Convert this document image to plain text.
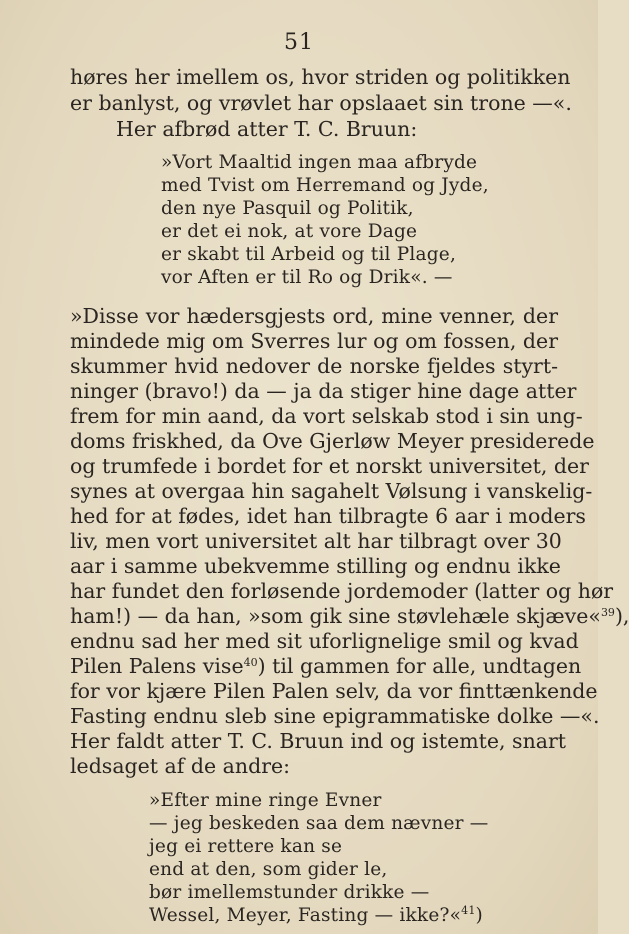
51
høres her imellem os, hvor striden og politikken
er banlyst, og vrøvlet har opslaaet sin trone —«.
Her afbrød atter T. C. Bruun:
»Vort Maaltid ingen maa afbryde
med Tvist om Herremand og Jyde,
den nye Pasquil og Politik,
er det ei nok, at vore Dage
er skabt til Arbeid og til Plage,
vor Aften er til Ro og Drik«. —
»Disse vor hædersgjests ord, mine venner, der
mindede mig om Sverres lur og om fossen, der
skummer hvid nedover de norske fjeldes styrt-
ninger (bravo!) da — ja da stiger hine dage atter
frem for min aand, da vort selskab stod i sin ung-
doms friskhed, da Ove Gjerløw Meyer presiderede
og trumfede i bordet for et norskt universitet, der
synes at overgaa hin sagahelt Vølsung i vanskelig-
hed for at fødes, idet han tilbragte 6 aar i moders
liv, men vort universitet alt har tilbragt over 30
aar i samme ubekvemme stilling og endnu ikke
har fundet den forløsende jordemoder (latter og hør
ham!) — da han, »som gik sine støvlehæle skjæve«$^{39}$),
endnu sad her med sit uforlignelige smil og kvad
Pilen Palens vise$^{40}$) til gammen for alle, undtagen
for vor kjære Pilen Palen selv, da vor finttænkende
Fasting endnu sleb sine epigrammatiske dolke —«.
Her faldt atter T. C. Bruun ind og istemte, snart
ledsaget af de andre:
»Efter mine ringe Evner
— jeg beskeden saa dem nævner —
jeg ei rettere kan se
end at den, som gider le,
bør imellemstunder drikke —
Wessel, Meyer, Fasting — ikke?«$^{41}$)
